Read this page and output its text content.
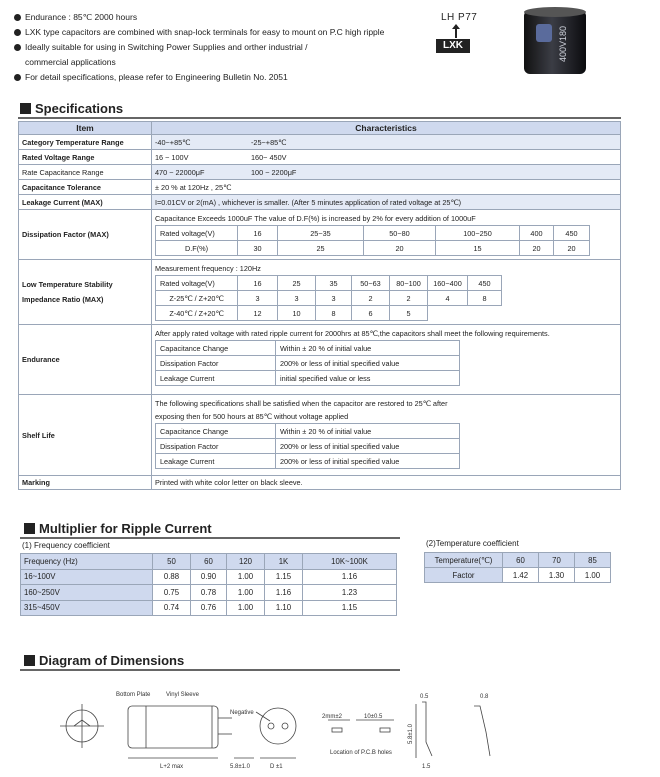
Endurance : 85℃ 2000 hours
LXK type capacitors are combined with snap-lock terminals for easy to mount on P.C high ripple
Ideally suitable for using in Switching Power Supplies and orther industrial /
commercial applications
For detail specifications, please refer to Engineering Bulletin No. 2051
LH P77
LXK	400V180
Specifications
Item	Characteristics
Category Temperature Range	-40~+85℃	-25~+85℃
Rated Voltage Range	16 ~ 100V	160~ 450V
Rate Capacitance Range	470 ~ 22000μF	100 ~ 2200μF
Capacitance Tolerance	± 20 % at 120Hz , 25℃
Leakage Current (MAX)	I=0.01CV or 2(mA) , whichever is smaller. (After 5 minutes application of rated voltage at 25℃)
Dissipation Factor (MAX)	
Capacitance Exceeds 1000uF The value of D.F(%) is increased by 2% for every addition of 1000uF
Rated voltage(V)	16	25~35	50~80	100~250	400	450
D.F(%)	30	25	20	15	20	20

Low Temperature Stability
Impedance Ratio (MAX)

Measurement frequency : 120Hz
Rated voltage(V)	16	25	35	50~63	80~100	160~400	450
Z-25℃ / Z+20℃	3	3	3	2	2	4	8
Z-40℃ / Z+20℃	12	10	8	6	5		

Endurance	
After apply rated voltage with rated ripple current for 2000hrs at 85℃,the capacitors shall meet the following requirements.
Capacitance Change	Within ± 20 % of initial value
Dissipation Factor	200% or less of initial specified value
Leakage Current	initial specified value or less

Shelf Life	
The following specifications shall be satisfied when the capacitor are restored to 25℃ after
exposing then for 500 hours at 85℃ without voltage applied
Capacitance Change	Within ± 20 % of initial value
Dissipation Factor	200% or less of initial specified value
Leakage Current	200% or less of initial specified value

Marking	Printed with white color letter on black sleeve.
Multiplier for Ripple Current
(1) Frequency coefficient
Frequency (Hz)	50	60	120	1K	10K~100K
16~100V	0.88	0.90	1.00	1.15	1.16
160~250V	0.75	0.78	1.00	1.16	1.23
315~450V	0.74	0.76	1.00	1.10	1.15
(2)Temperature coefficient
Temperature(℃)	60	70	85
Factor	1.42	1.30	1.00
Diagram of Dimensions
Bottom Plate	Vinyl Sleeve
Negative
L+2 max	5.8±1.0	D ±1
2mm±2	10±0.5
Location of P.C.B holes
0.5	0.8
5.8±1.0
1.5
